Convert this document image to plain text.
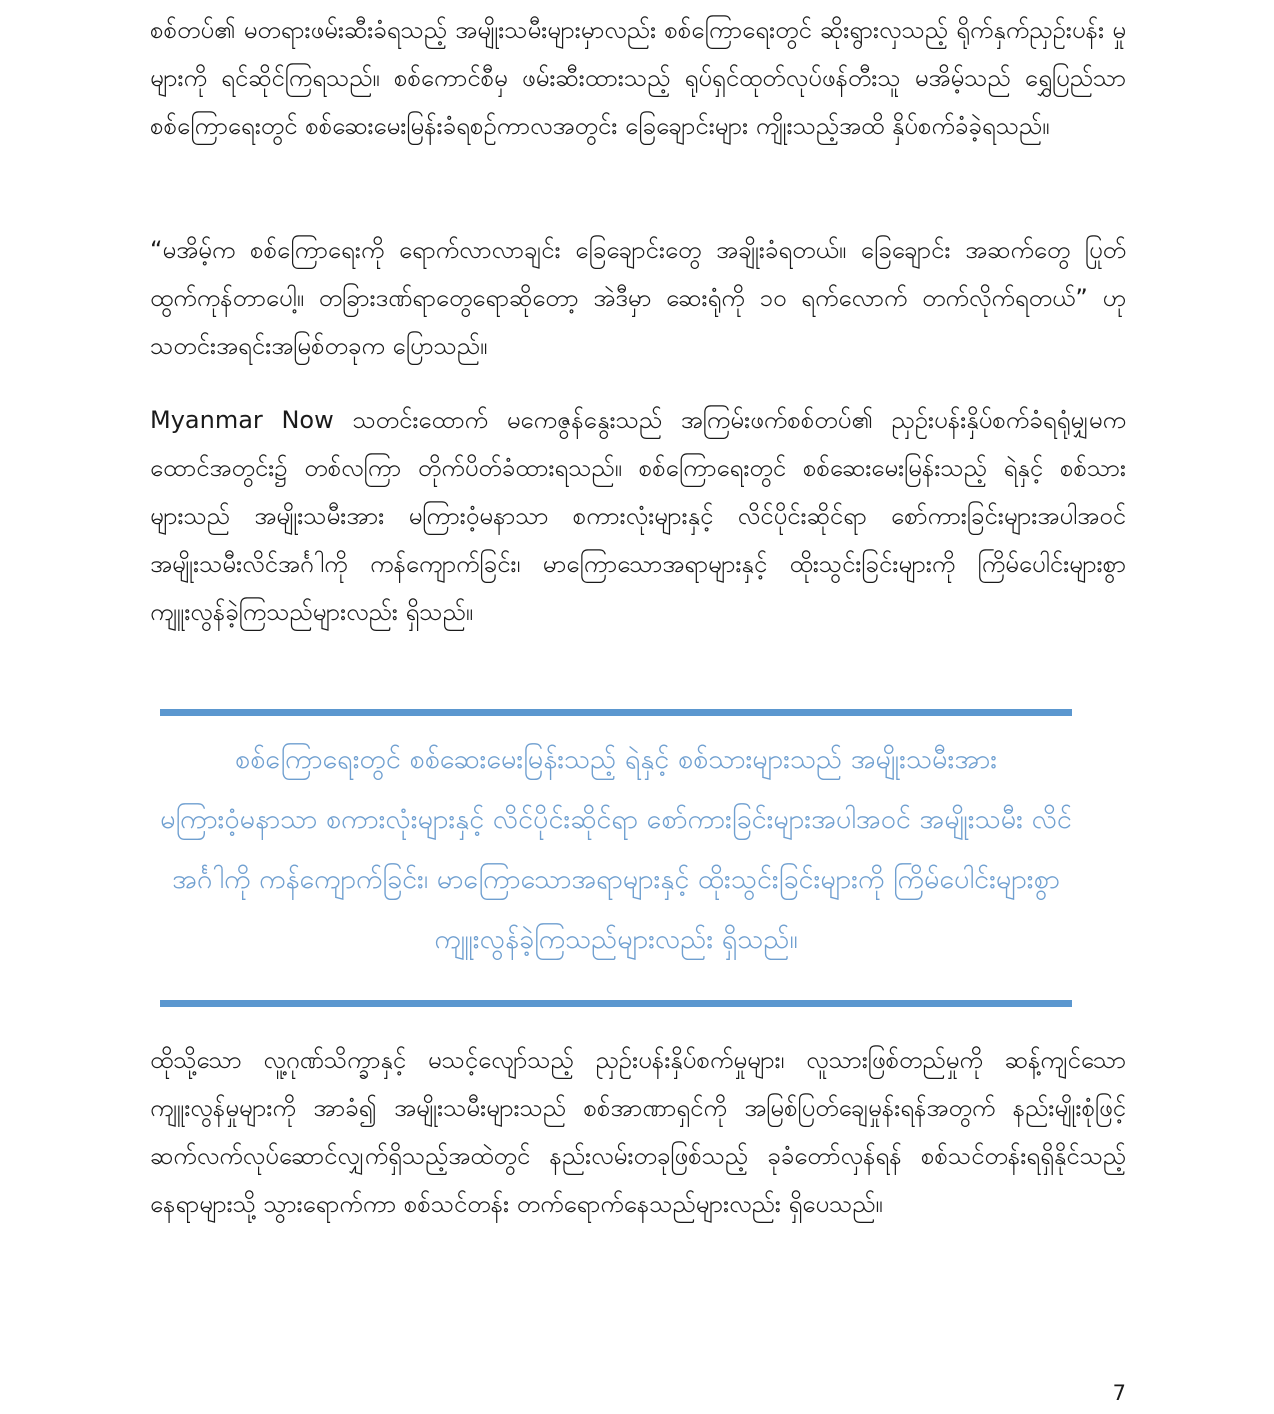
စစ်တပ်၏ မတရားဖမ်းဆီးခံရသည့် အမျိုးသမီးများမှာလည်း စစ်ကြောရေးတွင် ဆိုးရွားလှသည့် ရိုက်နှက်ညှဉ်းပန်း မှုများကို ရင်ဆိုင်ကြရသည်။ စစ်ကောင်စီမှ ဖမ်းဆီးထားသည့် ရုပ်ရှင်ထုတ်လုပ်ဖန်တီးသူ မအိမ့်သည် ရွှေပြည်သာစစ်ကြောရေးတွင် စစ်ဆေးမေးမြန်းခံရစဉ်ကာလအတွင်း ခြေချောင်းများ ကျိုးသည့်အထိ နှိပ်စက်ခံခဲ့ရသည်။

“မအိမ့်က စစ်ကြောရေးကို ရောက်လာလာချင်း ခြေချောင်းတွေ အချိုးခံရတယ်။ ခြေချောင်း အဆက်တွေ ပြုတ်ထွက်ကုန်တာပေါ့။ တခြားဒဏ်ရာတွေရောဆိုတော့ အဲဒီမှာ ဆေးရုံကို ၁၀ ရက်လောက် တက်လိုက်ရတယ်” ဟု သတင်းအရင်းအမြစ်တခုက ပြောသည်။

Myanmar Now သတင်းထောက် မကေဇွန်နွေးသည် အကြမ်းဖက်စစ်တပ်၏ ညှဉ်းပန်းနှိပ်စက်ခံရရုံမျှမက ထောင်အတွင်း၌ တစ်လကြာ တိုက်ပိတ်ခံထားရသည်။ စစ်ကြောရေးတွင် စစ်ဆေးမေးမြန်းသည့် ရဲနှင့် စစ်သားများသည် အမျိုးသမီးအား မကြားဝံ့မနာသာ စကားလုံးများနှင့် လိင်ပိုင်းဆိုင်ရာ စော်ကားခြင်းများအပါအဝင် အမျိုးသမီးလိင်အင်္ဂါကို ကန်ကျောက်ခြင်း၊ မာကြောသောအရာများနှင့် ထိုးသွင်းခြင်းများကို ကြိမ်ပေါင်းများစွာ ကျူးလွန်ခဲ့ကြသည်များလည်း ရှိသည်။

စစ်ကြောရေးတွင် စစ်ဆေးမေးမြန်းသည့် ရဲနှင့် စစ်သားများသည် အမျိုးသမီးအား မကြားဝံ့မနာသာ စကားလုံးများနှင့် လိင်ပိုင်းဆိုင်ရာ စော်ကားခြင်းများအပါအဝင် အမျိုးသမီး လိင်အင်္ဂါကို ကန်ကျောက်ခြင်း၊ မာကြောသောအရာများနှင့် ထိုးသွင်းခြင်းများကို ကြိမ်ပေါင်းများစွာ ကျူးလွန်ခဲ့ကြသည်များလည်း ရှိသည်။

ထိုသို့သော လူ့ဂုဏ်သိက္ခာနှင့် မသင့်လျော်သည့် ညှဉ်းပန်းနှိပ်စက်မှုများ၊ လူသားဖြစ်တည်မှုကို ဆန့်ကျင်သော ကျူးလွန်မှုများကို အာခံ၍ အမျိုးသမီးများသည် စစ်အာဏာရှင်ကို အမြစ်ပြတ်ချေမှုန်းရန်အတွက် နည်းမျိုးစုံဖြင့် ဆက်လက်လုပ်ဆောင်လျှက်ရှိသည့်အထဲတွင် နည်းလမ်းတခုဖြစ်သည့် ခုခံတော်လှန်ရန် စစ်သင်တန်းရရှိနိုင်သည့်နေရာများသို့ သွားရောက်ကာ စစ်သင်တန်း တက်ရောက်နေသည်များလည်း ရှိပေသည်။

7
